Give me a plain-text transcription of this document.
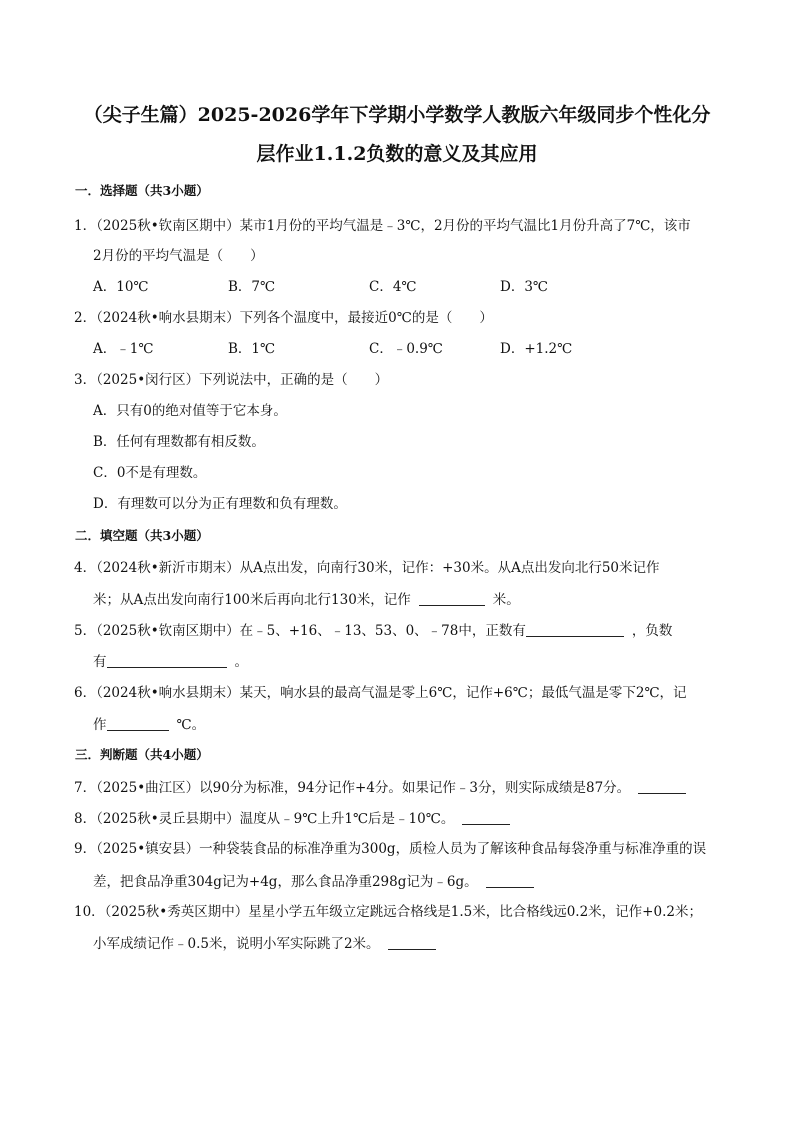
（尖子生篇）2025-2026学年下学期小学数学人教版六年级同步个性化分
层作业1.1.2负数的意义及其应用
一．选择题（共3小题）
1．（2025秋•钦南区期中）某市1月份的平均气温是﹣3℃，2月份的平均气温比1月份升高了7℃，该市
2月份的平均气温是（　　）
A．10℃	B．7℃	C．4℃	D．3℃
2．（2024秋•响水县期末）下列各个温度中，最接近0℃的是（　　）
A．﹣1℃	B．1℃	C．﹣0.9℃	D．+1.2℃
3．（2025•闵行区）下列说法中，正确的是（　　）
A．只有0的绝对值等于它本身。
B．任何有理数都有相反数。
C．0不是有理数。
D．有理数可以分为正有理数和负有理数。
二．填空题（共3小题）
4．（2024秋•新沂市期末）从A点出发，向南行30米，记作：+30米。从A点出发向北行50米记作
米；从A点出发向南行100米后再向北行130米，记作	米。
5．（2025秋•钦南区期中）在﹣5、+16、﹣13、53、0、﹣78中，正数有	，负数
有	。
6．（2024秋•响水县期末）某天，响水县的最高气温是零上6℃，记作+6℃；最低气温是零下2℃，记
作	℃。
三．判断题（共4小题）
7．（2025•曲江区）以90分为标准，94分记作+4分。如果记作﹣3分，则实际成绩是87分。
8．（2025秋•灵丘县期中）温度从﹣9℃上升1℃后是﹣10℃。
9．（2025•镇安县）一种袋装食品的标准净重为300g，质检人员为了解该种食品每袋净重与标准净重的误
差，把食品净重304g记为+4g，那么食品净重298g记为﹣6g。
10．（2025秋•秀英区期中）星星小学五年级立定跳远合格线是1.5米，比合格线远0.2米，记作+0.2米；
小军成绩记作﹣0.5米，说明小军实际跳了2米。
